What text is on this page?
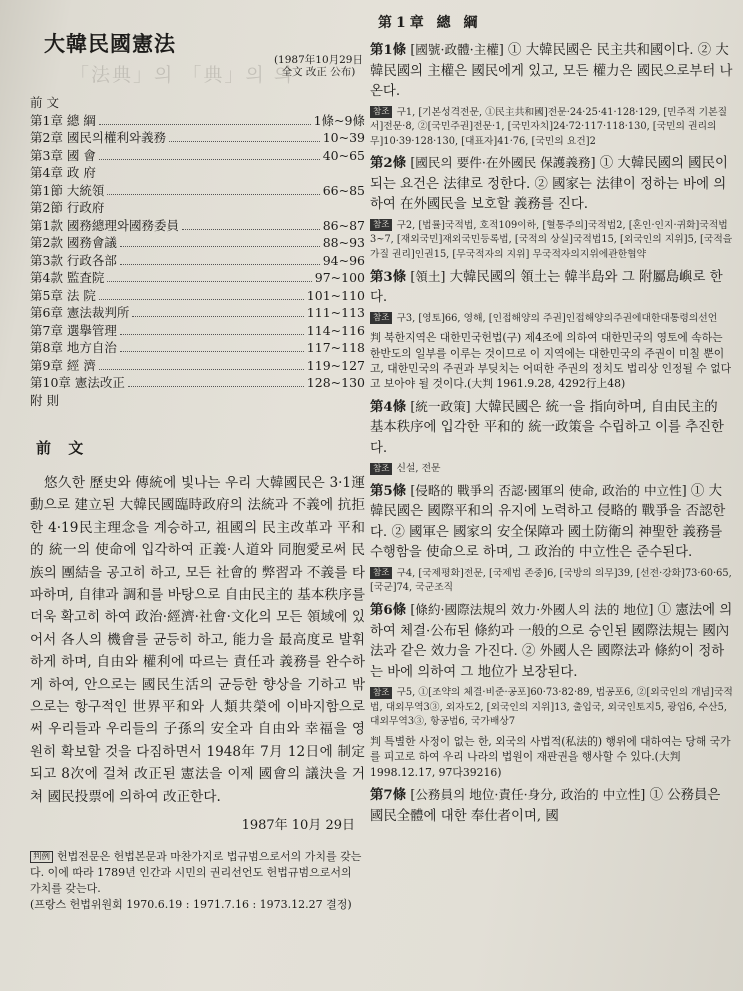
「法典」의 「典」의 의
大韓民國憲法
(1987年10月29日
全文 改正 公布)
前 文
第1章 總 綱	1條~9條
第2章 國民의權利와義務	10~39
第3章 國 會	40~65
第4章 政 府
第1節 大統領	66~85
第2節 行政府
第1款 國務總理와國務委員	86~87
第2款 國務會議	88~93
第3款 行政各部	94~96
第4款 監査院	97~100
第5章 法 院	101~110
第6章 憲法裁判所	111~113
第7章 選擧管理	114~116
第8章 地方自治	117~118
第9章 經 濟	119~127
第10章 憲法改正	128~130
附 則
前 文

悠久한 歷史와 傳統에 빛나는 우리 大韓國民은 3·1運動으로 建立된 大韓民國臨時政府의 法統과 不義에 抗拒한 4·19民主理念을 계승하고, 祖國의 民主改革과 平和的 統一의 使命에 입각하여 正義·人道와 同胞愛로써 民族의 團結을 공고히 하고, 모든 社會的 弊習과 不義를 타파하며, 自律과 調和를 바탕으로 自由民主的 基本秩序를 더욱 확고히 하여 政治·經濟·社會·文化의 모든 領域에 있어서 各人의 機會를 균등히 하고, 能力을 最高度로 발휘하게 하며, 自由와 權利에 따르는 責任과 義務를 완수하게 하여, 안으로는 國民生活의 균등한 향상을 기하고 밖으로는 항구적인 世界平和와 人類共榮에 이바지함으로써 우리들과 우리들의 子孫의 安全과 自由와 幸福을 영원히 확보할 것을 다짐하면서 1948年 7月 12日에 制定되고 8次에 걸쳐 改正된 憲法을 이제 國會의 議決을 거쳐 國民投票에 의하여 改正한다.

1987年 10月 29日
判例 헌법전문은 헌법본문과 마찬가지로 법규범으로서의 가치를 갖는다. 이에 따라 1789년 인간과 시민의 권리선언도 헌법규범으로서의 가치를 갖는다.
(프랑스 헌법위원회 1970.6.19 : 1971.7.16 : 1973.12.27 결정)
第1章 總 綱
第1條 [國號·政體·主權] ① 大韓民國은 民主共和國이다. ② 大韓民國의 主權은 國民에게 있고, 모든 權力은 國民으로부터 나온다.
참조 구1, [기본성격전문, ①民主共和國]전문·24·25·41·128·129, [민주적 기본질서]전문·8, ②[국민주권]전문·1, [국민자치]24·72·117·118·130, [국민의 권리의무]10·39·128·130, [대표자]41·76, [국민의 요건]2
第2條 [國民의 要件·在外國民 保護義務] ① 大韓民國의 國民이 되는 요건은 法律로 정한다. ② 國家는 法律이 정하는 바에 의하여 在外國民을 보호할 義務를 진다.
참조 구2, [법률]국적법, 호적109이하, [혈통주의]국적법2, [혼인·인지·귀화]국적법3~7, [재외국민]재외국민등록법, [국적의 상실]국적법15, [외국인의 지위]5, [국적을 가질 권리]인권15, [무국적자의 지위] 무국적자의지위에관한협약
第3條 [領土] 大韓民國의 領土는 韓半島와 그 附屬島嶼로 한다.
참조 구3, [영토]66, 영해, [인접해양의 주권]인접해양의주권에대한대통령의선언
判 북한지역은 대한민국헌법(구) 제4조에 의하여 대한민국의 영토에 속하는 한반도의 일부를 이루는 것이므로 이 지역에는 대한민국의 주권이 미칠 뿐이고, 대한민국의 주권과 부딪치는 어떠한 주권의 정치도 법리상 인정될 수 없다고 보아야 될 것이다.(大判 1961.9.28, 4292行上48)
第4條 [統一政策] 大韓民國은 統一을 指向하며, 自由民主的 基本秩序에 입각한 平和的 統一政策을 수립하고 이를 추진한다.
참조 신설, 전문
第5條 [侵略的 戰爭의 否認·國軍의 使命, 政治的 中立性] ① 大韓民國은 國際平和의 유지에 노력하고 侵略的 戰爭을 否認한다. ② 國軍은 國家의 安全保障과 國土防衛의 神聖한 義務를 수행함을 使命으로 하며, 그 政治的 中立性은 준수된다.
참조 구4, [국제평화]전문, [국제법 존중]6, [국방의 의무]39, [선전·강화]73·60·65, [국군]74, 국군조직
第6條 [條約·國際法規의 效力·外國人의 法的 地位] ① 憲法에 의하여 체결·公布된 條約과 一般的으로 승인된 國際法規는 國內法과 같은 效力을 가진다. ② 外國人은 國際法과 條約이 정하는 바에 의하여 그 地位가 보장된다.
참조 구5, ①[조약의 체결·비준·공포]60·73·82·89, 법공포6, ②[외국인의 개념]국적법, 대외무역3③, 외자도2, [외국인의 지위]13, 출입국, 외국인토지5, 광업6, 수산5, 대외무역3③, 항공법6, 국가배상7
判 특별한 사정이 없는 한, 외국의 사법적(私法的) 행위에 대하여는 당해 국가를 피고로 하여 우리 나라의 법원이 재판권을 행사할 수 있다.(大判 1998.12.17, 97다39216)
第7條 [公務員의 地位·責任·身分, 政治的 中立性] ① 公務員은 國民全體에 대한 奉仕者이며, 國
